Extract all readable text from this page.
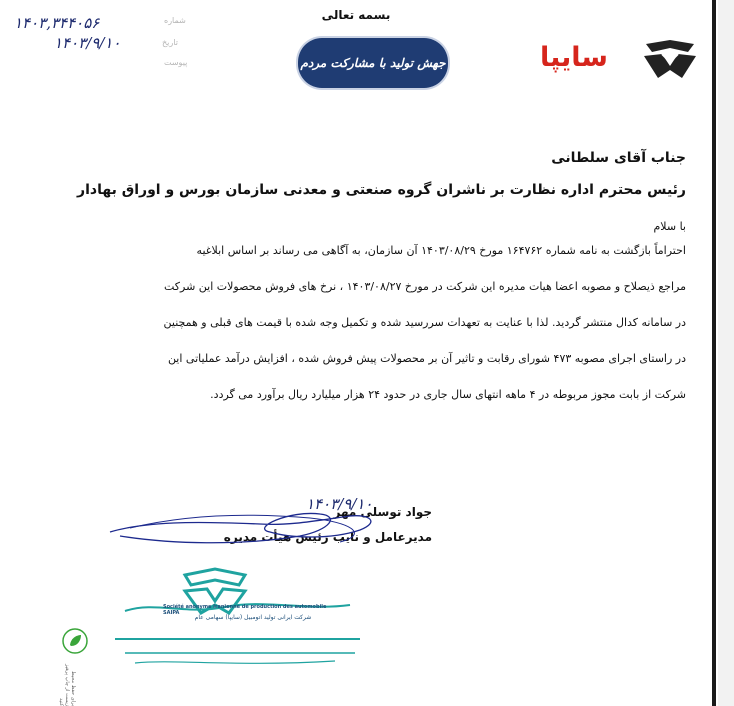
بسمه تعالی
۱۴۰۳,۳۴۴۰۵۶
۱۴۰۳/۹/۱۰
شماره
تاریخ
پیوست	جهش تولید با مشارکت مردم	سایپا
جناب آقای سلطانی
رئیس محترم اداره نظارت بر ناشران گروه صنعتی و معدنی سازمان بورس و اوراق بهادار
با سلام
احتراماً بازگشت به نامه شماره ۱۶۴۷۶۲ مورخ ۱۴۰۳/۰۸/۲۹ آن سازمان، به آگاهی می رساند بر اساس ابلاغیه
مراجع ذیصلاح و مصوبه اعضا هیات مدیره این شرکت در مورخ ۱۴۰۳/۰۸/۲۷ ، نرخ های فروش محصولات این شرکت
در سامانه کدال منتشر گردید. لذا با عنایت به تعهدات سررسید شده و تکمیل وجه شده با قیمت های قبلی و همچنین
در راستای اجرای مصوبه ۴۷۳ شورای رقابت و تاثیر آن بر محصولات پیش فروش شده ، افزایش درآمد عملیاتی این
شرکت از بابت مجوز مربوطه در ۴ ماهه انتهای سال جاری در حدود ۲۴ هزار میلیارد ریال برآورد می گردد.
۱۴۰۳/۹/۱۰
جواد توسلی مهر
مدیرعامل و نایب رئیس هیأت مدیره
Société anonyme Iranienne de production des automobile SAIPA
شرکت ایرانی تولید اتومبیل (سایپا) سهامی عام
برای حفظ محیط زیست از چاپ پرهیز کنید
